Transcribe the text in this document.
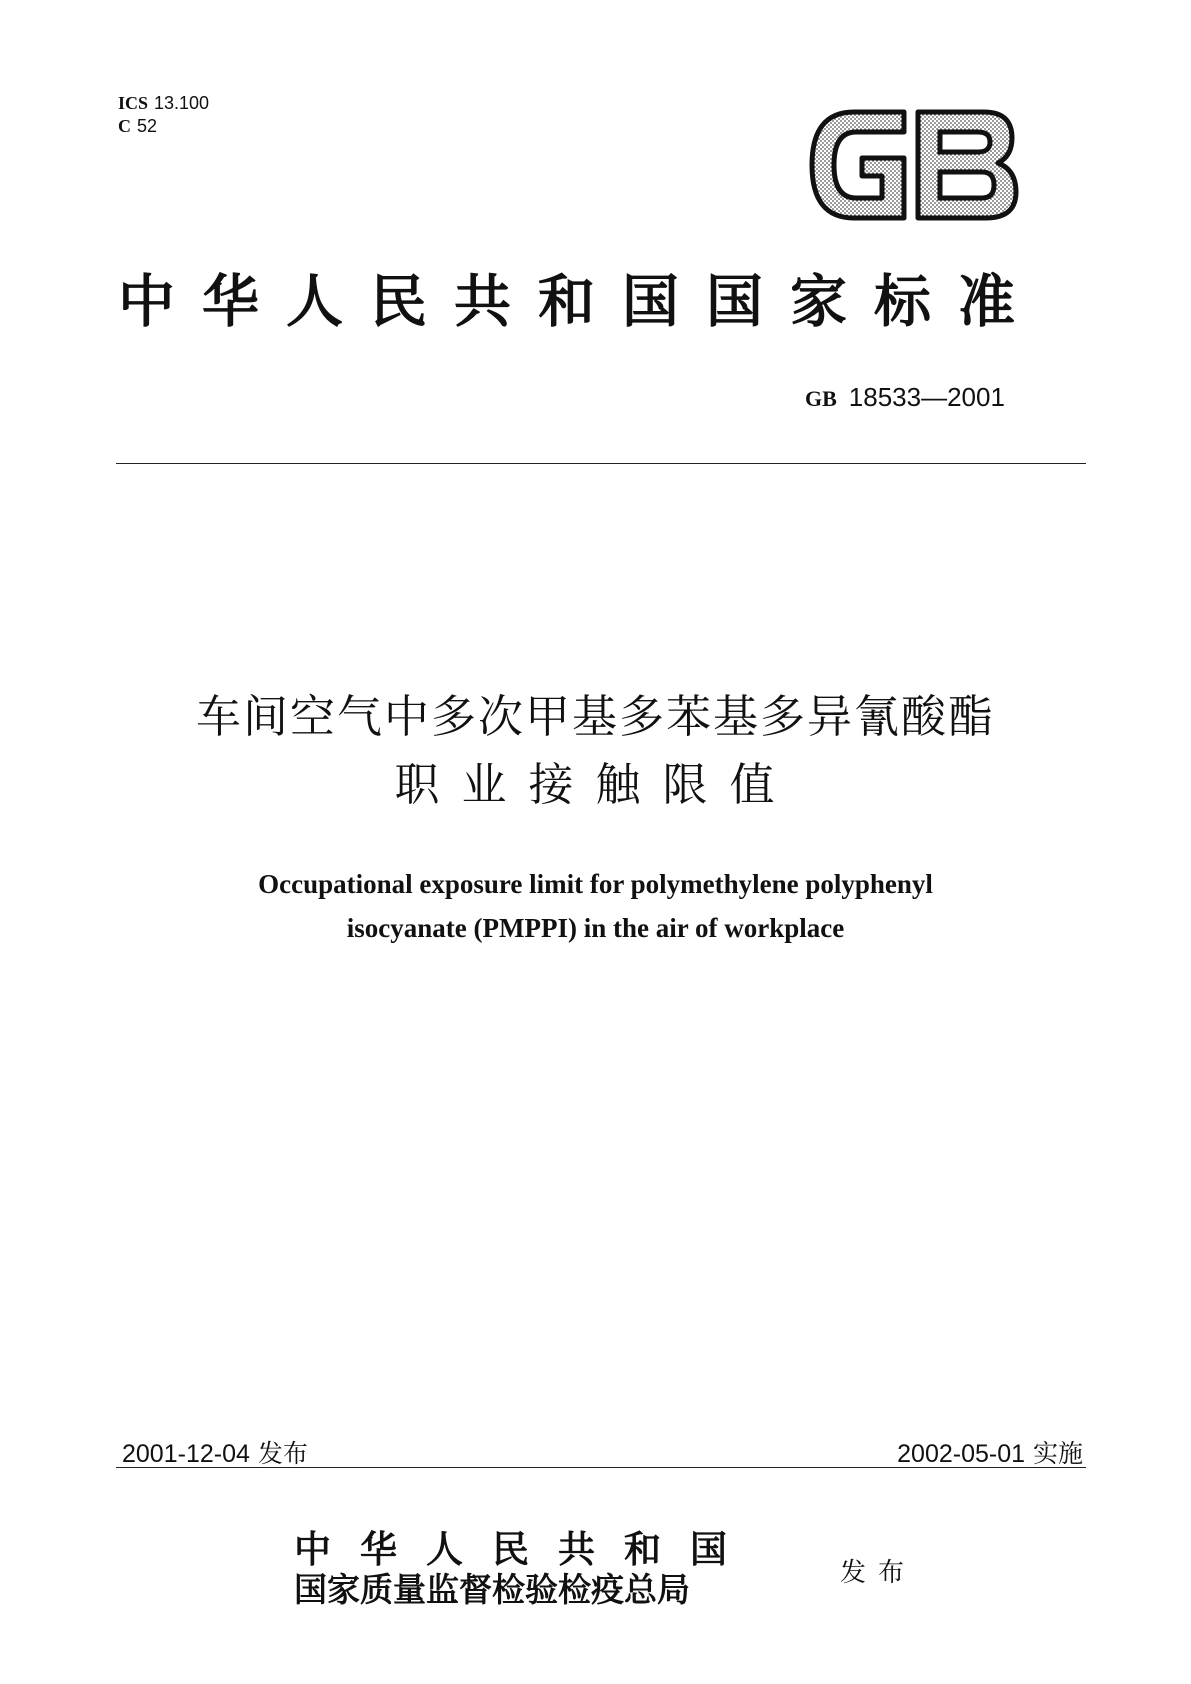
ICS 13.100
C 52
GB
中华人民共和国国家标准
GB 18533—2001
车间空气中多次甲基多苯基多异氰酸酯
职业接触限值
Occupational exposure limit for polymethylene polyphenyl
isocyanate (PMPPI) in the air of workplace
2001-12-04 发布	2002-05-01 实施
中华人民共和国
国家质量监督检验检疫总局	发布
